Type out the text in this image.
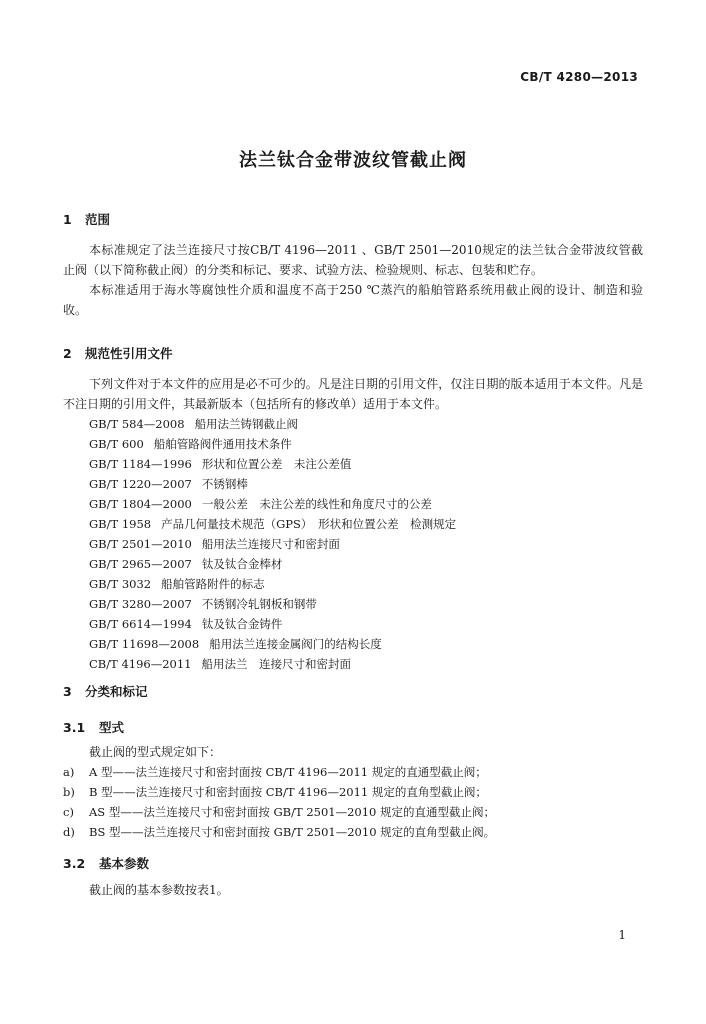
CB/T 4280—2013
法兰钛合金带波纹管截止阀
1 范围
本标准规定了法兰连接尺寸按CB/T 4196—2011 、GB/T 2501—2010规定的法兰钛合金带波纹管截止阀（以下简称截止阀）的分类和标记、要求、试验方法、检验规则、标志、包装和贮存。
本标准适用于海水等腐蚀性介质和温度不高于250 ℃蒸汽的船舶管路系统用截止阀的设计、制造和验收。
2 规范性引用文件
下列文件对于本文件的应用是必不可少的。凡是注日期的引用文件，仅注日期的版本适用于本文件。凡是不注日期的引用文件，其最新版本（包括所有的修改单）适用于本文件。
GB/T 584—2008 船用法兰铸钢截止阀
GB/T 600 船舶管路阀件通用技术条件
GB/T 1184—1996 形状和位置公差　未注公差值
GB/T 1220—2007 不锈钢棒
GB/T 1804—2000 一般公差　未注公差的线性和角度尺寸的公差
GB/T 1958 产品几何量技术规范（GPS）　形状和位置公差　检测规定
GB/T 2501—2010 船用法兰连接尺寸和密封面
GB/T 2965—2007 钛及钛合金棒材
GB/T 3032 船舶管路附件的标志
GB/T 3280—2007 不锈钢冷轧钢板和钢带
GB/T 6614—1994 钛及钛合金铸件
GB/T 11698—2008 船用法兰连接金属阀门的结构长度
CB/T 4196—2011 船用法兰　连接尺寸和密封面
3 分类和标记
3.1 型式
截止阀的型式规定如下：
a) A 型——法兰连接尺寸和密封面按 CB/T 4196—2011 规定的直通型截止阀；
b) B 型——法兰连接尺寸和密封面按 CB/T 4196—2011 规定的直角型截止阀；
c) AS 型——法兰连接尺寸和密封面按 GB/T 2501—2010 规定的直通型截止阀；
d) BS 型——法兰连接尺寸和密封面按 GB/T 2501—2010 规定的直角型截止阀。
3.2 基本参数
截止阀的基本参数按表1。
1
